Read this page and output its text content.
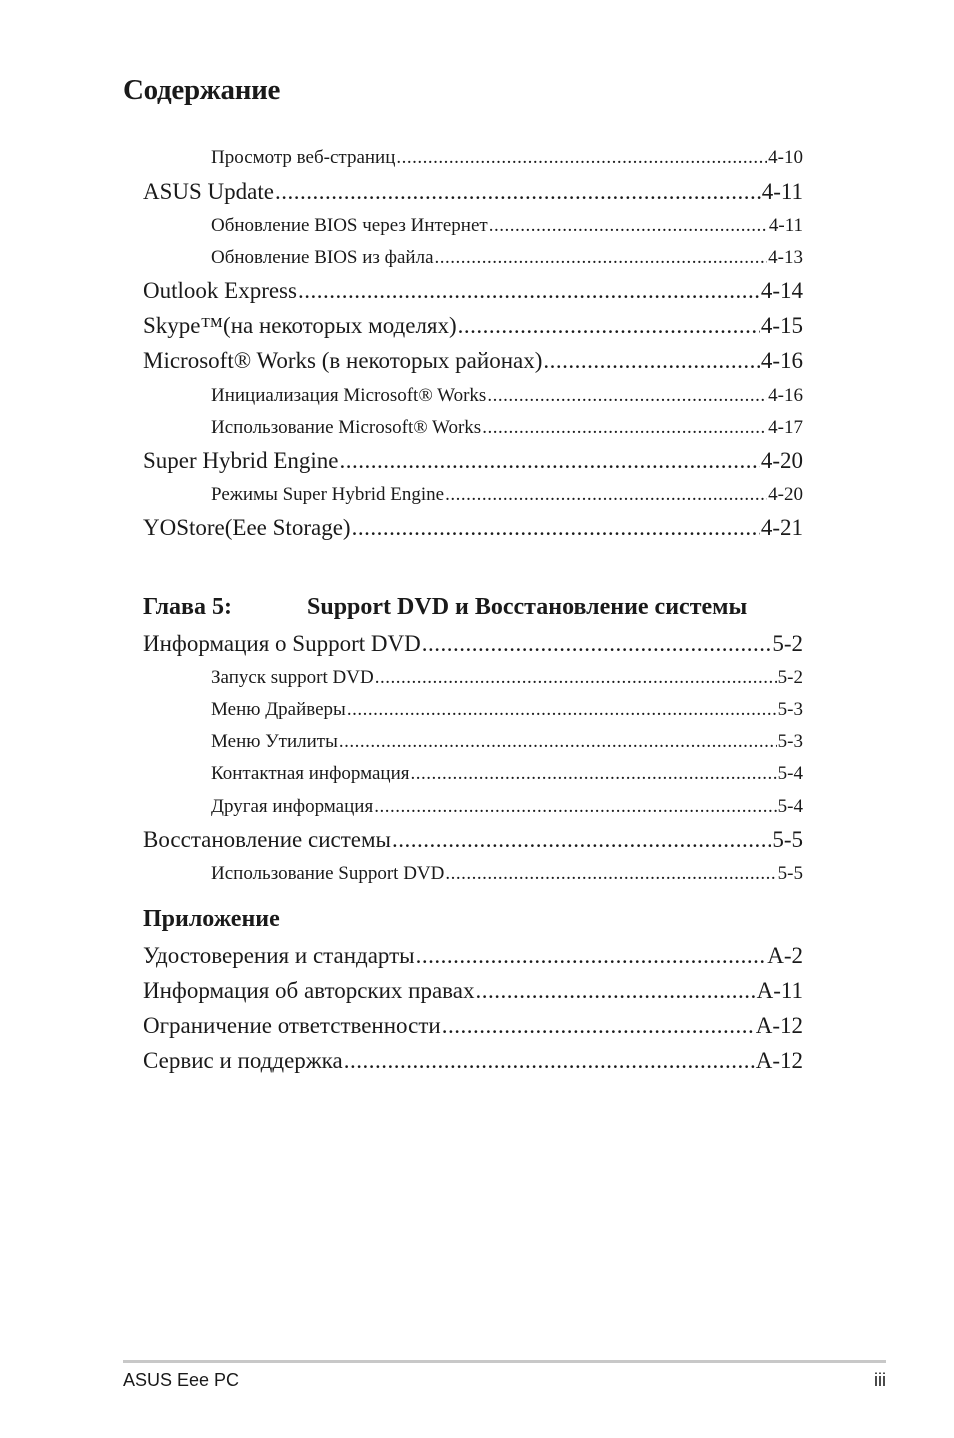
Содержание
Просмотр веб-страниц .....	4-10
ASUS Update .....	4-11
Обновление BIOS через Интернет .....	4-11
Обновление BIOS из файла .....	4-13
Outlook Express .....	4-14
Skype™(на некоторых моделях) .....	4-15
Microsoft® Works (в некоторых районах) .....	4-16
Инициализация Microsoft® Works .....	4-16
Использование Microsoft® Works .....	4-17
Super Hybrid Engine .....	4-20
Режимы Super Hybrid Engine .....	4-20
YOStore(Eee Storage) .....	4-21
Глава 5:	Support DVD и Восстановление системы
Информация о Support DVD .....	5-2
Запуск support DVD .....	5-2
Меню Драйверы .....	5-3
Меню Утилиты .....	5-3
Контактная информация .....	5-4
Другая информация .....	5-4
Восстановление системы .....	5-5
Использование Support DVD .....	5-5
Приложение
Удостоверения и стандарты .....	A-2
Информация об авторских правах .....	A-11
Ограничение ответственности .....	A-12
Сервис и поддержка .....	A-12
ASUS Eee PC	iii
